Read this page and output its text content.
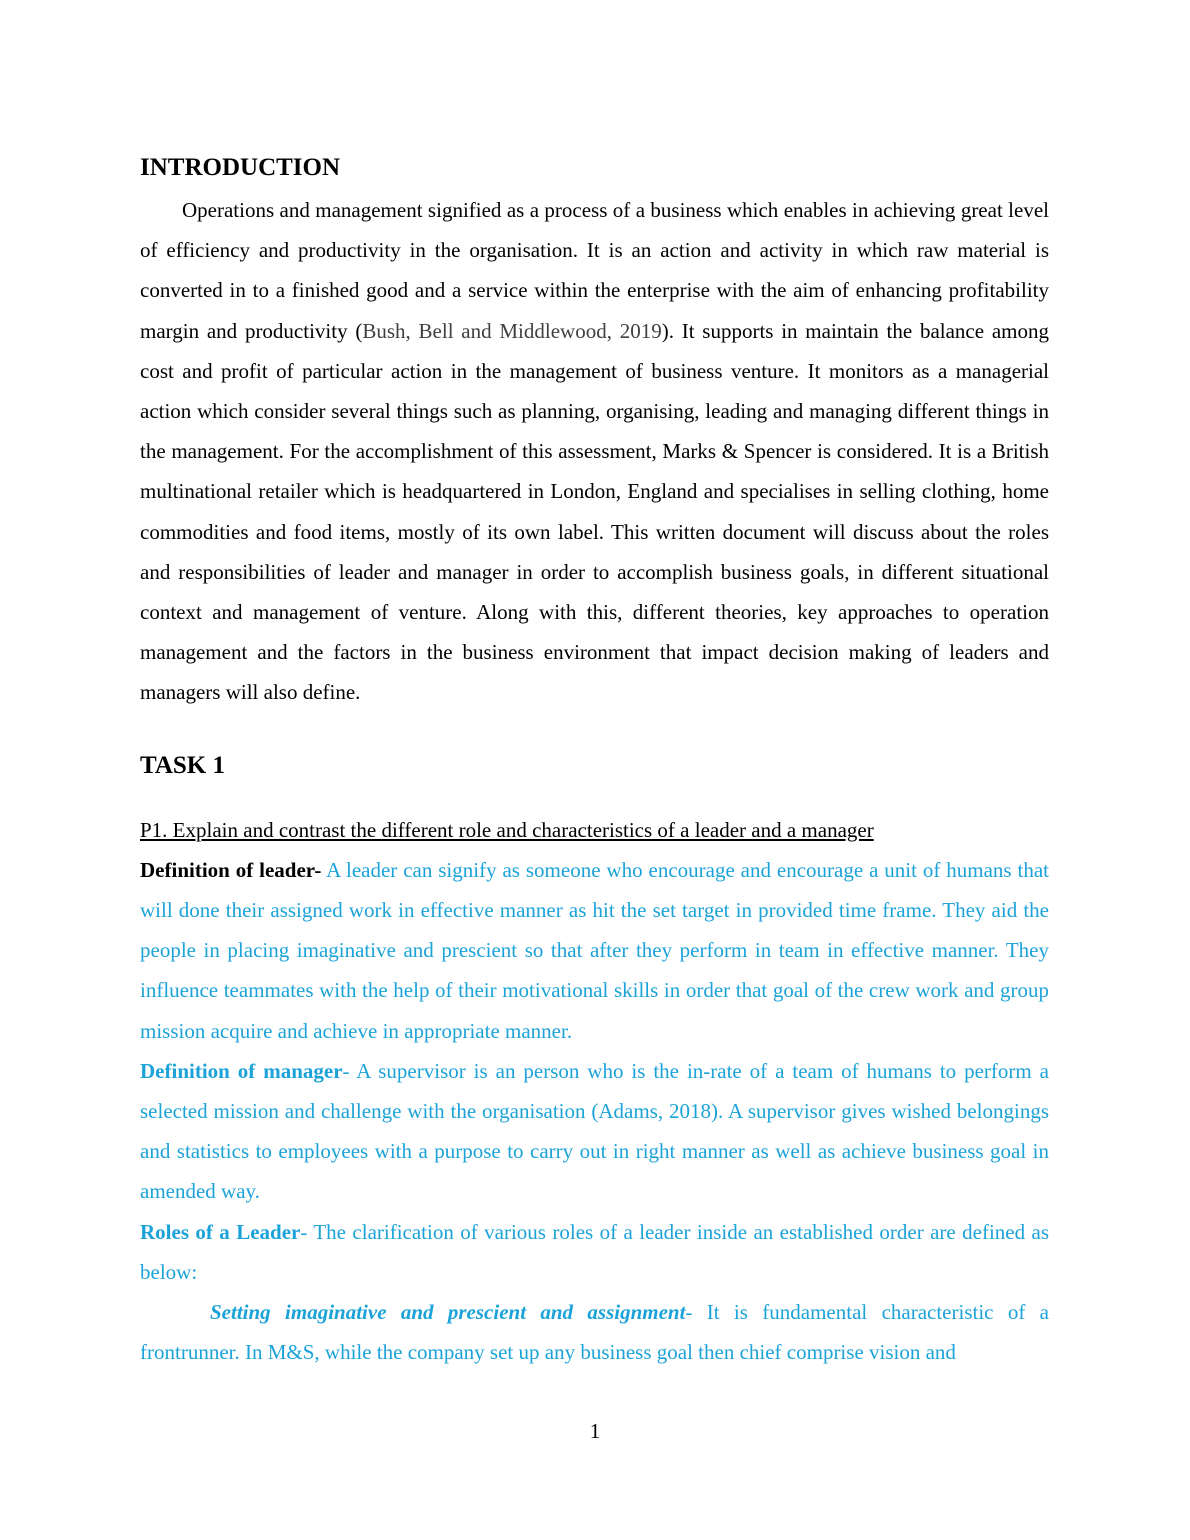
INTRODUCTION

Operations and management signified as a process of a business which enables in achieving great level of efficiency and productivity in the organisation. It is an action and activity in which raw material is converted in to a finished good and a service within the enterprise with the aim of enhancing profitability margin and productivity (Bush, Bell and Middlewood, 2019). It supports in maintain the balance among cost and profit of particular action in the management of business venture. It monitors as a managerial action which consider several things such as planning, organising, leading and managing different things in the management. For the accomplishment of this assessment, Marks & Spencer is considered. It is a British multinational retailer which is headquartered in London, England and specialises in selling clothing, home commodities and food items, mostly of its own label. This written document will discuss about the roles and responsibilities of leader and manager in order to accomplish business goals, in different situational context and management of venture. Along with this, different theories, key approaches to operation management and the factors in the business environment that impact decision making of leaders and managers will also define.

TASK 1

P1. Explain and contrast the different role and characteristics of a leader and a manager

Definition of leader- A leader can signify as someone who encourage and encourage a unit of humans that will done their assigned work in effective manner as hit the set target in provided time frame. They aid the people in placing imaginative and prescient so that after they perform in team in effective manner. They influence teammates with the help of their motivational skills in order that goal of the crew work and group mission acquire and achieve in appropriate manner.

Definition of manager- A supervisor is an person who is the in-rate of a team of humans to perform a selected mission and challenge with the organisation (Adams, 2018). A supervisor gives wished belongings and statistics to employees with a purpose to carry out in right manner as well as achieve business goal in amended way.

Roles of a Leader- The clarification of various roles of a leader inside an established order are defined as below:

Setting imaginative and prescient and assignment- It is fundamental characteristic of a frontrunner. In M&S, while the company set up any business goal then chief comprise vision and

1
